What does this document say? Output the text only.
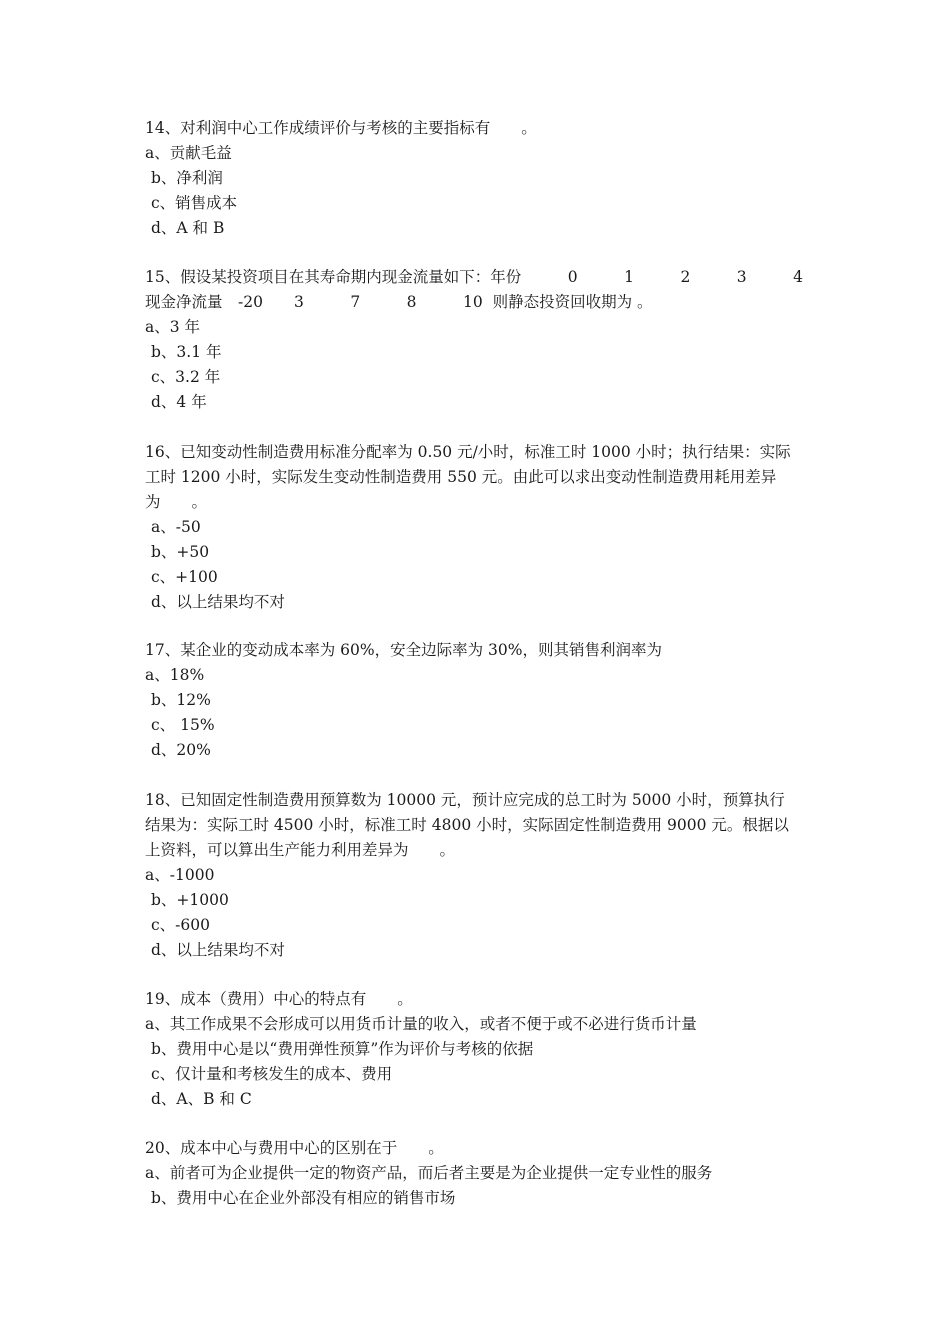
14、对利润中心工作成绩评价与考核的主要指标有　　。
a、贡献毛益
b、净利润
c、销售成本
d、A 和 B
15、假设某投资项目在其寿命期内现金流量如下：年份　　　0　　　1　　　2　　　3　　　4
现金净流量　-20　　3　　　7　　　8　　　10  则静态投资回收期为 。
a、3 年
b、3.1 年
c、3.2 年
d、4 年
16、已知变动性制造费用标准分配率为 0.50 元/小时，标准工时 1000 小时；执行结果：实际
工时 1200 小时，实际发生变动性制造费用 550 元。由此可以求出变动性制造费用耗用差异
为　　。
a、-50
b、+50
c、+100
d、以上结果均不对
17、某企业的变动成本率为 60%，安全边际率为 30%，则其销售利润率为
a、18%
b、12%
c、 15%
d、20%
18、已知固定性制造费用预算数为 10000 元，预计应完成的总工时为 5000 小时，预算执行
结果为：实际工时 4500 小时，标准工时 4800 小时，实际固定性制造费用 9000 元。根据以
上资料，可以算出生产能力利用差异为　　。
a、-1000
b、+1000
c、-600
d、以上结果均不对
19、成本（费用）中心的特点有　　。
a、其工作成果不会形成可以用货币计量的收入，或者不便于或不必进行货币计量
b、费用中心是以“费用弹性预算”作为评价与考核的依据
c、仅计量和考核发生的成本、费用
d、A、B 和 C
20、成本中心与费用中心的区别在于　　。
a、前者可为企业提供一定的物资产品，而后者主要是为企业提供一定专业性的服务
b、费用中心在企业外部没有相应的销售市场
